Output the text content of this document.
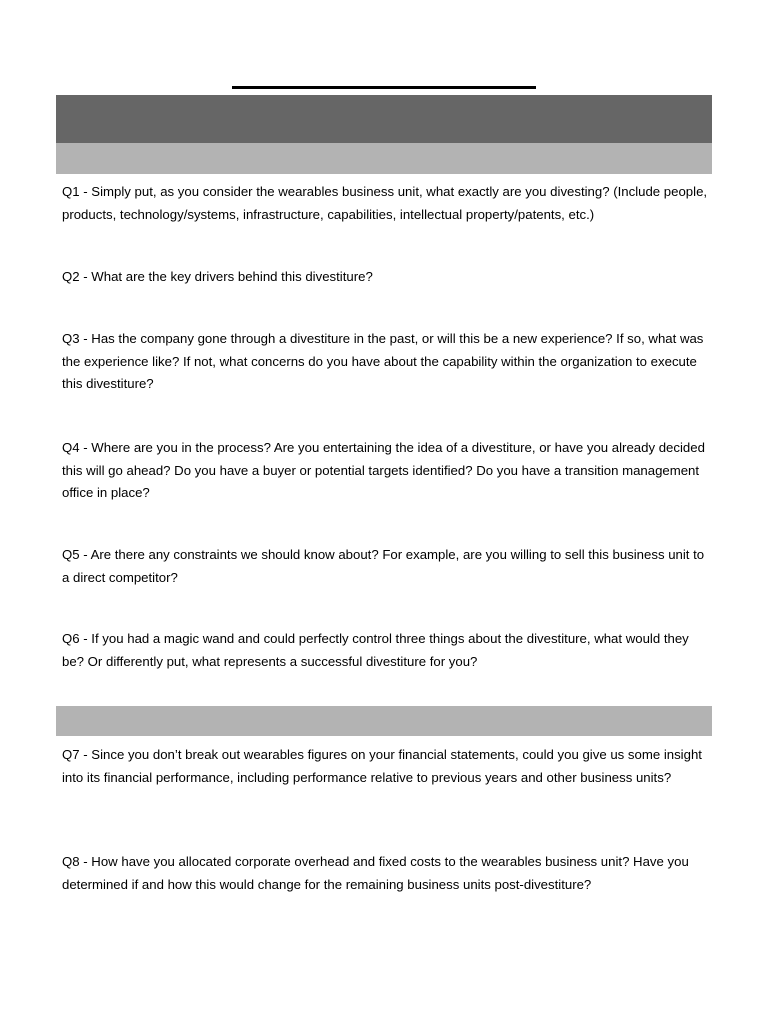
Q1 - Simply put, as you consider the wearables business unit, what exactly are you divesting? (Include people, products, technology/systems, infrastructure, capabilities, intellectual property/patents, etc.)

Q2 - What are the key drivers behind this divestiture?

Q3 - Has the company gone through a divestiture in the past, or will this be a new experience? If so, what was the experience like? If not, what concerns do you have about the capability within the organization to execute this divestiture?

Q4 - Where are you in the process? Are you entertaining the idea of a divestiture, or have you already decided this will go ahead? Do you have a buyer or potential targets identified? Do you have a transition management office in place?

Q5 - Are there any constraints we should know about? For example, are you willing to sell this business unit to a direct competitor?

Q6 - If you had a magic wand and could perfectly control three things about the divestiture, what would they be? Or differently put, what represents a successful divestiture for you?

Q7 - Since you don’t break out wearables figures on your financial statements, could you give us some insight into its financial performance, including performance relative to previous years and other business units?

Q8 - How have you allocated corporate overhead and fixed costs to the wearables business unit? Have you determined if and how this would change for the remaining business units post-divestiture?
